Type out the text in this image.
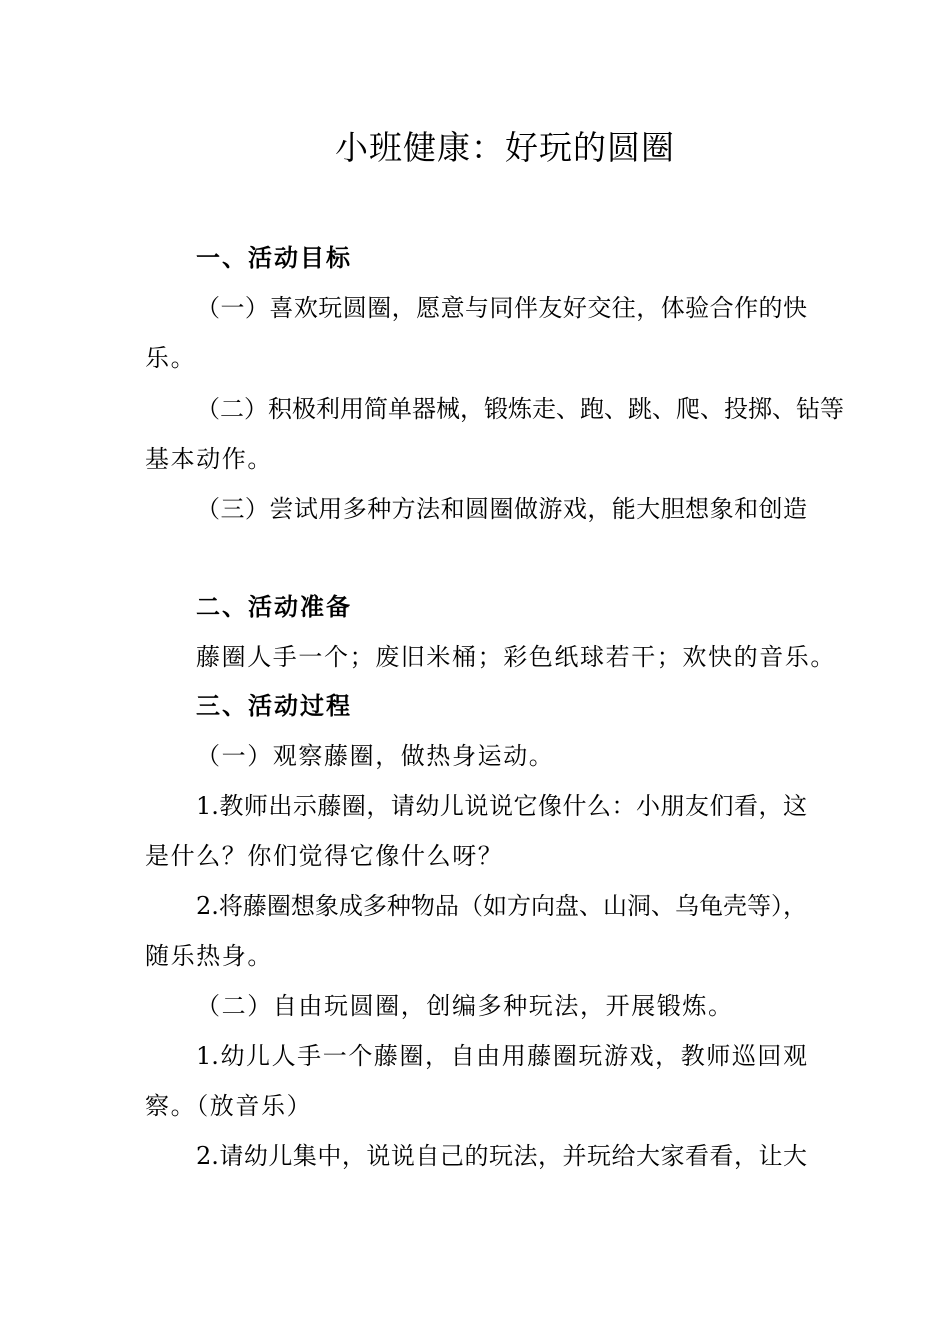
小班健康：好玩的圆圈
一、活动目标
（一）喜欢玩圆圈，愿意与同伴友好交往，体验合作的快
乐。
（二）积极利用简单器械，锻炼走、跑、跳、爬、投掷、钻等
基本动作。
（三）尝试用多种方法和圆圈做游戏，能大胆想象和创造
二、活动准备
藤圈人手一个；废旧米桶；彩色纸球若干；欢快的音乐。
三、活动过程
（一）观察藤圈，做热身运动。
1.教师出示藤圈，请幼儿说说它像什么：小朋友们看，这
是什么？你们觉得它像什么呀？
2.将藤圈想象成多种物品（如方向盘、山洞、乌龟壳等），
随乐热身。
（二）自由玩圆圈，创编多种玩法，开展锻炼。
1.幼儿人手一个藤圈，自由用藤圈玩游戏，教师巡回观
察。（放音乐）
2.请幼儿集中，说说自己的玩法，并玩给大家看看，让大
